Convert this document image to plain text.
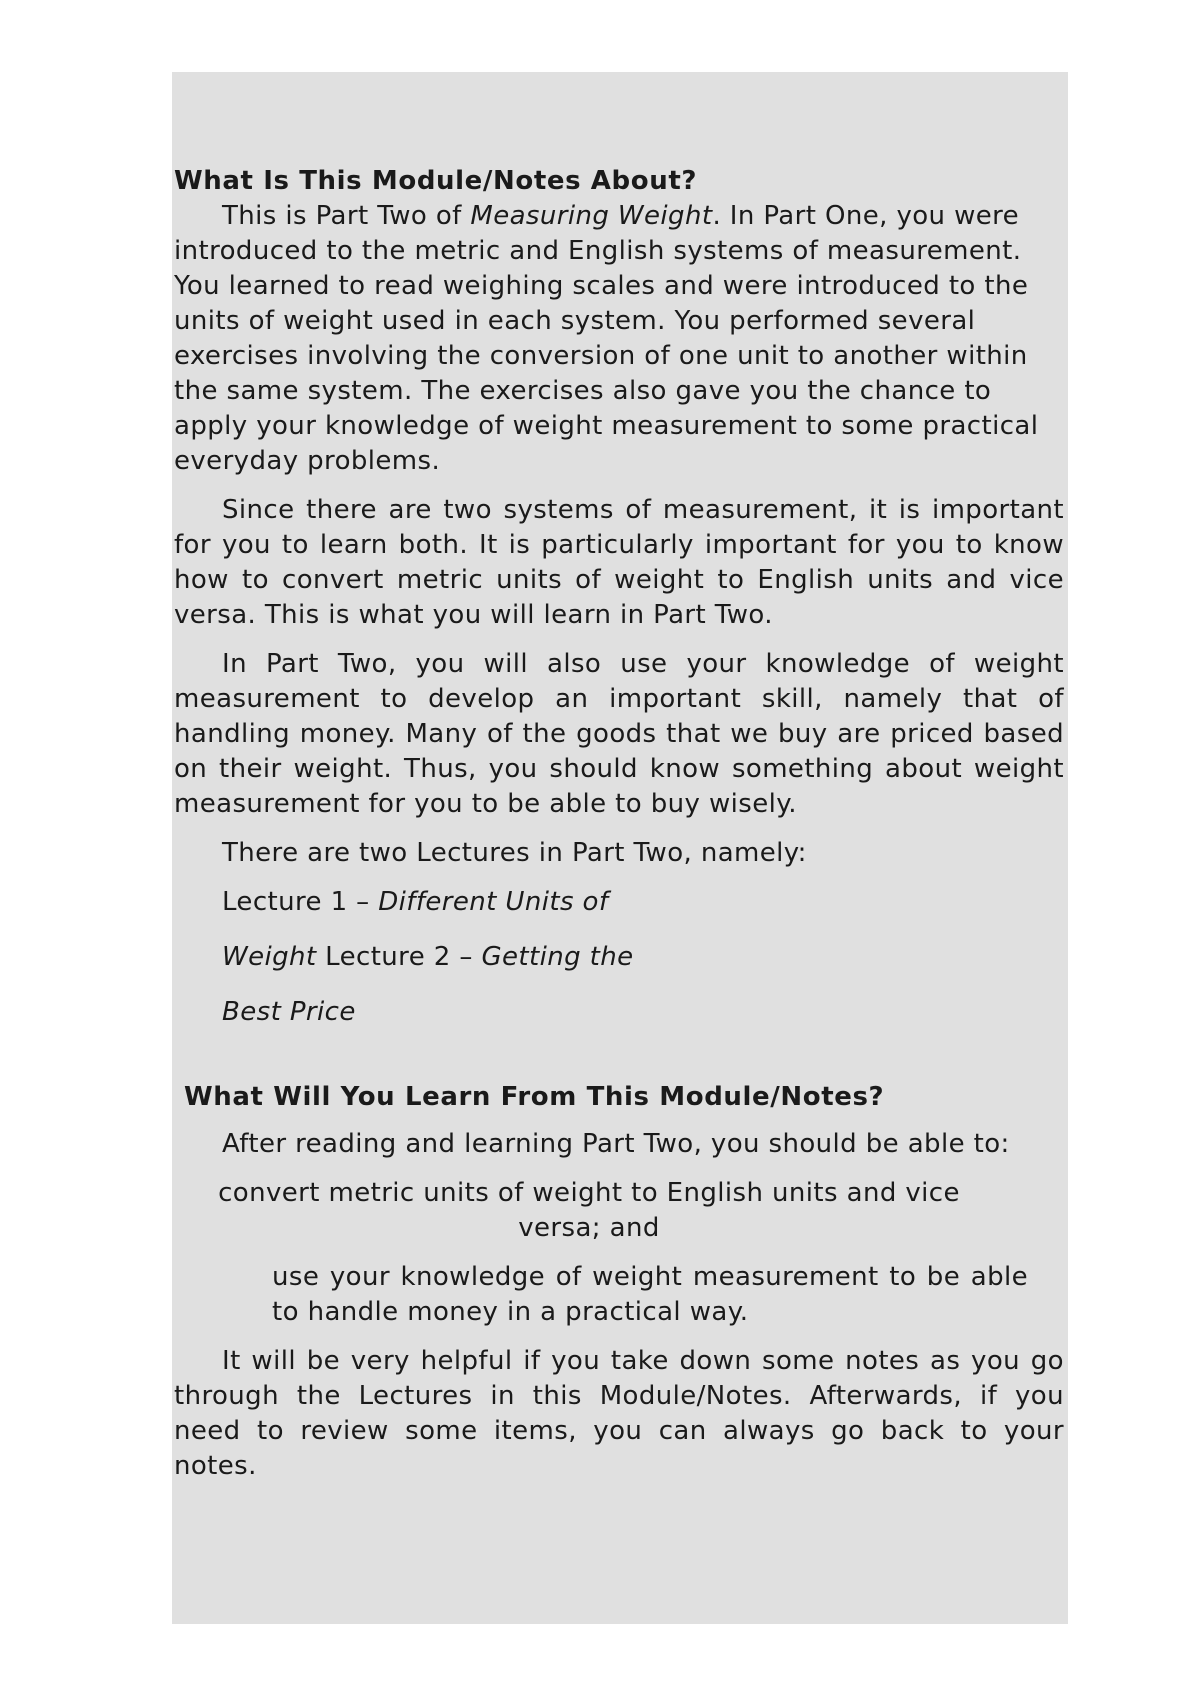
What Is This Module/Notes About?

This is Part Two of Measuring Weight. In Part One, you were introduced to the metric and English systems of measurement. You learned to read weighing scales and were introduced to the units of weight used in each system. You performed several exercises involving the conversion of one unit to another within the same system. The exercises also gave you the chance to apply your knowledge of weight measurement to some practical everyday problems.

Since there are two systems of measurement, it is important for you to learn both. It is particularly important for you to know how to convert metric units of weight to English units and vice versa. This is what you will learn in Part Two.

In Part Two, you will also use your knowledge of weight measurement to develop an important skill, namely that of handling money. Many of the goods that we buy are priced based on their weight. Thus, you should know something about weight measurement for you to be able to buy wisely.

There are two Lectures in Part Two, namely:

Lecture 1 – Different Units of
Weight Lecture 2 – Getting the
Best Price
What Will You Learn From This Module/Notes?

After reading and learning Part Two, you should be able to:

convert metric units of weight to English units and vice
versa; and

use your knowledge of weight measurement to be able to handle money in a practical way.

It will be very helpful if you take down some notes as you go through the Lectures in this Module/Notes. Afterwards, if you need to review some items, you can always go back to your notes.
